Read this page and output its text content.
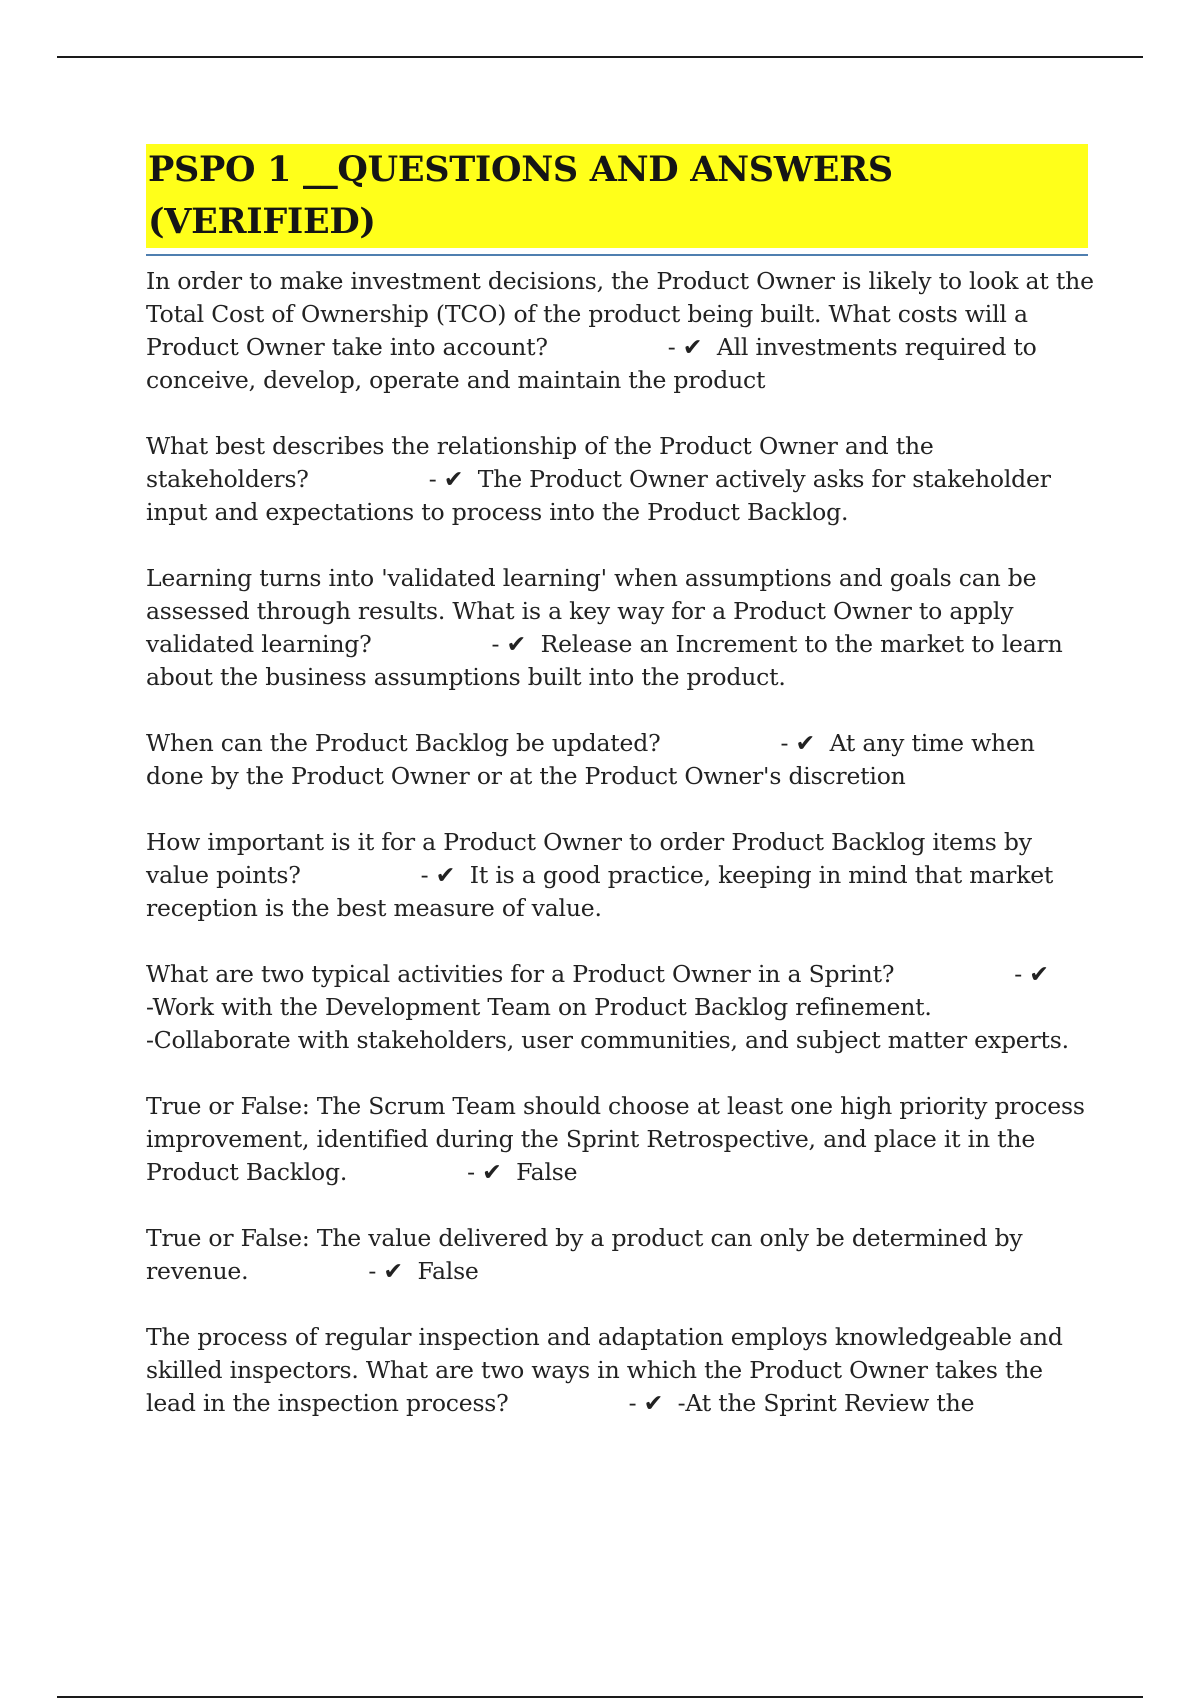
PSPO 1 __QUESTIONS AND ANSWERS (VERIFIED)

In order to make investment decisions, the Product Owner is likely to look at the Total Cost of Ownership (TCO) of the product being built. What costs will a Product Owner take into account?	- ✔ All investments required to conceive, develop, operate and maintain the product

What best describes the relationship of the Product Owner and the stakeholders?	- ✔ The Product Owner actively asks for stakeholder input and expectations to process into the Product Backlog.

Learning turns into 'validated learning' when assumptions and goals can be assessed through results. What is a key way for a Product Owner to apply validated learning?	- ✔ Release an Increment to the market to learn about the business assumptions built into the product.

When can the Product Backlog be updated?	- ✔ At any time when done by the Product Owner or at the Product Owner's discretion

How important is it for a Product Owner to order Product Backlog items by value points?	- ✔ It is a good practice, keeping in mind that market reception is the best measure of value.

What are two typical activities for a Product Owner in a Sprint?	- ✔

-Work with the Development Team on Product Backlog refinement.

-Collaborate with stakeholders, user communities, and subject matter experts.

True or False: The Scrum Team should choose at least one high priority process improvement, identified during the Sprint Retrospective, and place it in the Product Backlog.	- ✔ False

True or False: The value delivered by a product can only be determined by revenue.	- ✔ False

The process of regular inspection and adaptation employs knowledgeable and skilled inspectors. What are two ways in which the Product Owner takes the lead in the inspection process?	- ✔ -At the Sprint Review the
